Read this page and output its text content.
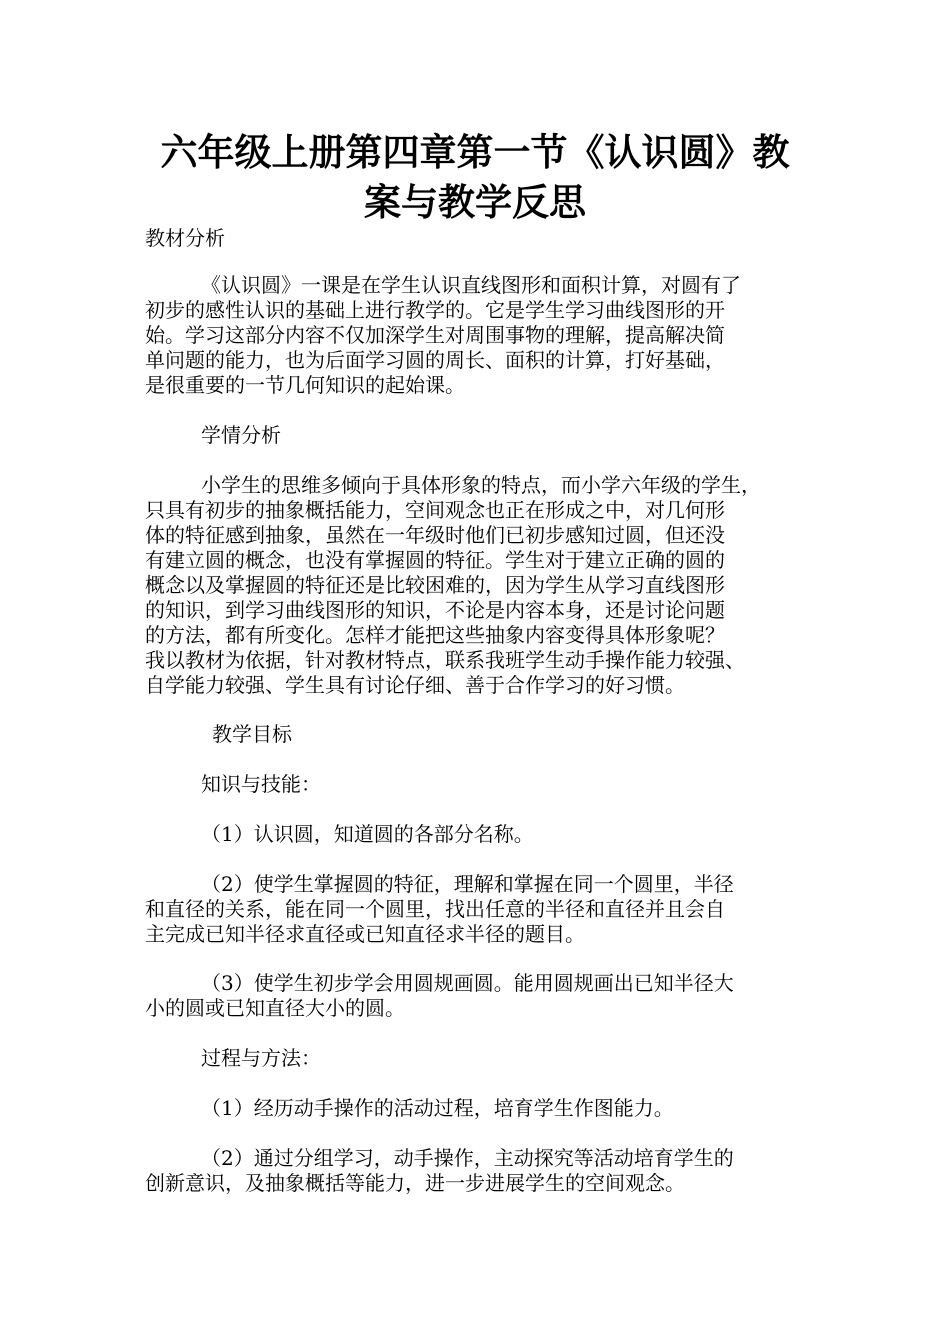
六年级上册第四章第一节《认识圆》教
案与教学反思

教材分析

《认识圆》一课是在学生认识直线图形和面积计算，对圆有了

初步的感性认识的基础上进行教学的。它是学生学习曲线图形的开

始。学习这部分内容不仅加深学生对周围事物的理解，提高解决简

单问题的能力，也为后面学习圆的周长、面积的计算，打好基础，

是很重要的一节几何知识的起始课。

学情分析

小学生的思维多倾向于具体形象的特点，而小学六年级的学生，

只具有初步的抽象概括能力，空间观念也正在形成之中，对几何形

体的特征感到抽象，虽然在一年级时他们已初步感知过圆，但还没

有建立圆的概念，也没有掌握圆的特征。学生对于建立正确的圆的

概念以及掌握圆的特征还是比较困难的，因为学生从学习直线图形

的知识，到学习曲线图形的知识，不论是内容本身，还是讨论问题

的方法，都有所变化。怎样才能把这些抽象内容变得具体形象呢？

我以教材为依据，针对教材特点，联系我班学生动手操作能力较强、

自学能力较强、学生具有讨论仔细、善于合作学习的好习惯。

教学目标

知识与技能：

（1）认识圆，知道圆的各部分名称。

（2）使学生掌握圆的特征，理解和掌握在同一个圆里，半径

和直径的关系，能在同一个圆里，找出任意的半径和直径并且会自

主完成已知半径求直径或已知直径求半径的题目。

（3）使学生初步学会用圆规画圆。能用圆规画出已知半径大

小的圆或已知直径大小的圆。

过程与方法：

（1）经历动手操作的活动过程，培育学生作图能力。

（2）通过分组学习，动手操作，主动探究等活动培育学生的

创新意识，及抽象概括等能力，进一步进展学生的空间观念。
